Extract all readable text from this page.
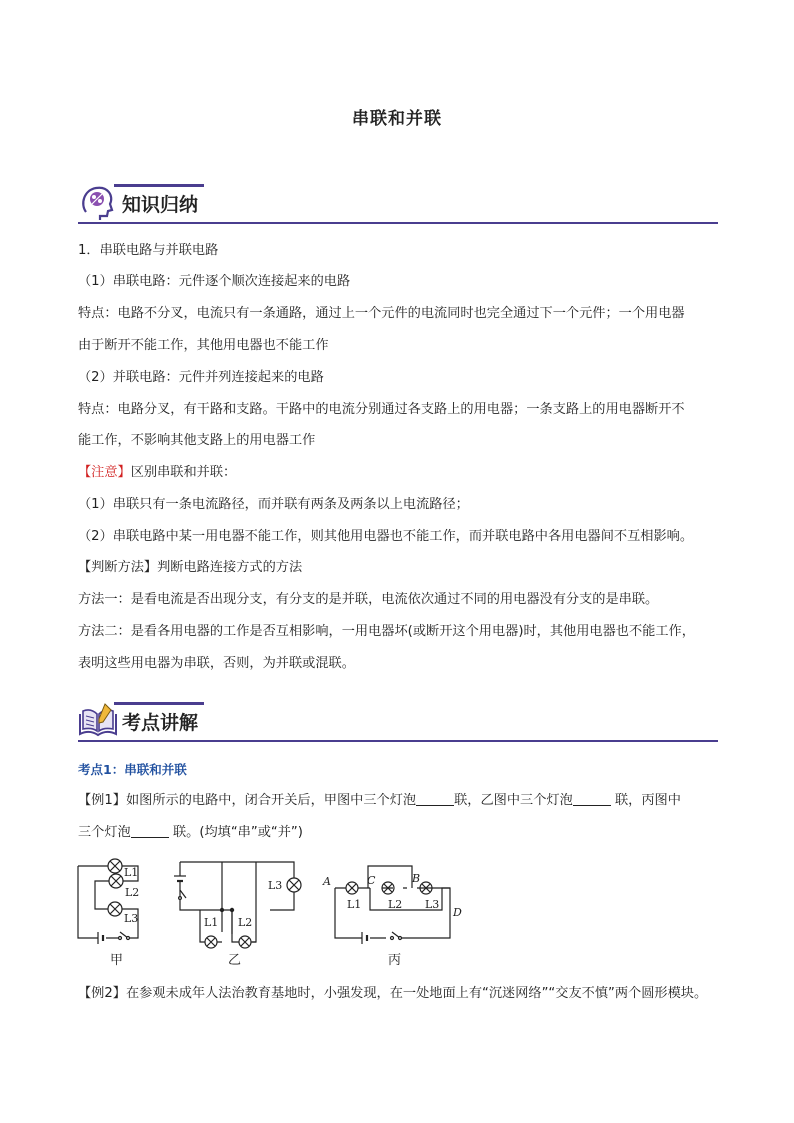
串联和并联
知识归纳
1．串联电路与并联电路
（1）串联电路：元件逐个顺次连接起来的电路
特点：电路不分叉，电流只有一条通路，通过上一个元件的电流同时也完全通过下一个元件；一个用电器
由于断开不能工作，其他用电器也不能工作
（2）并联电路：元件并列连接起来的电路
特点：电路分叉，有干路和支路。干路中的电流分别通过各支路上的用电器；一条支路上的用电器断开不
能工作，不影响其他支路上的用电器工作
【注意】区别串联和并联：
（1）串联只有一条电流路径，而并联有两条及两条以上电流路径；
（2）串联电路中某一用电器不能工作，则其他用电器也不能工作，而并联电路中各用电器间不互相影响。
【判断方法】判断电路连接方式的方法
方法一：是看电流是否出现分支，有分支的是并联，电流依次通过不同的用电器没有分支的是串联。
方法二：是看各用电器的工作是否互相影响，一用电器坏(或断开这个用电器)时，其他用电器也不能工作，
表明这些用电器为串联，否则，为并联或混联。
考点讲解
考点1：串联和并联
【例1】如图所示的电路中，闭合开关后，甲图中三个灯泡	联，乙图中三个灯泡	联，丙图中
三个灯泡	联。(均填“串”或“并”)
L1
L2
L3
甲
L1 L2
L3
乙
L1 L2 L3
A	B
C
D
丙
【例2】在参观未成年人法治教育基地时，小强发现，在一处地面上有“沉迷网络”“交友不慎”两个圆形模块。
